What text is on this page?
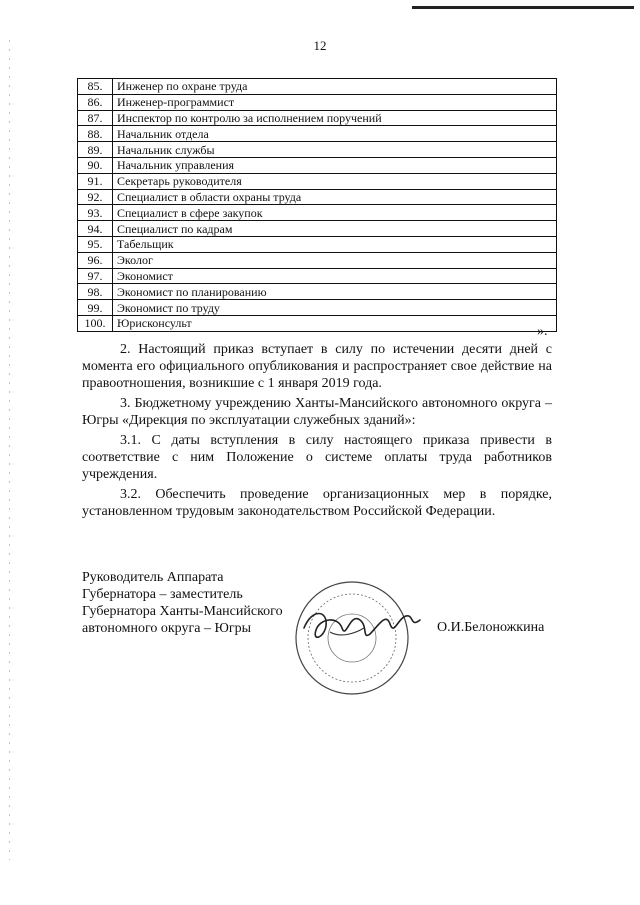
12
85.	Инженер по охране труда
86.	Инженер-программист
87.	Инспектор по контролю за исполнением поручений
88.	Начальник отдела
89.	Начальник службы
90.	Начальник управления
91.	Секретарь руководителя
92.	Специалист в области охраны труда
93.	Специалист в сфере закупок
94.	Специалист по кадрам
95.	Табельщик
96.	Эколог
97.	Экономист
98.	Экономист по планированию
99.	Экономист по труду
100.	Юрисконсульт
».

2. Настоящий приказ вступает в силу по истечении десяти дней с момента его официального опубликования и распространяет свое действие на правоотношения, возникшие с 1 января 2019 года.

3. Бюджетному учреждению Ханты-Мансийского автономного округа – Югры «Дирекция по эксплуатации служебных зданий»:

3.1. С даты вступления в силу настоящего приказа привести в соответствие с ним Положение о системе оплаты труда работников учреждения.

3.2. Обеспечить проведение организационных мер в порядке, установленном трудовым законодательством Российской Федерации.

Руководитель Аппарата
Губернатора – заместитель
Губернатора Ханты-Мансийского
автономного округа – Югры	О.И.Белоножкина
